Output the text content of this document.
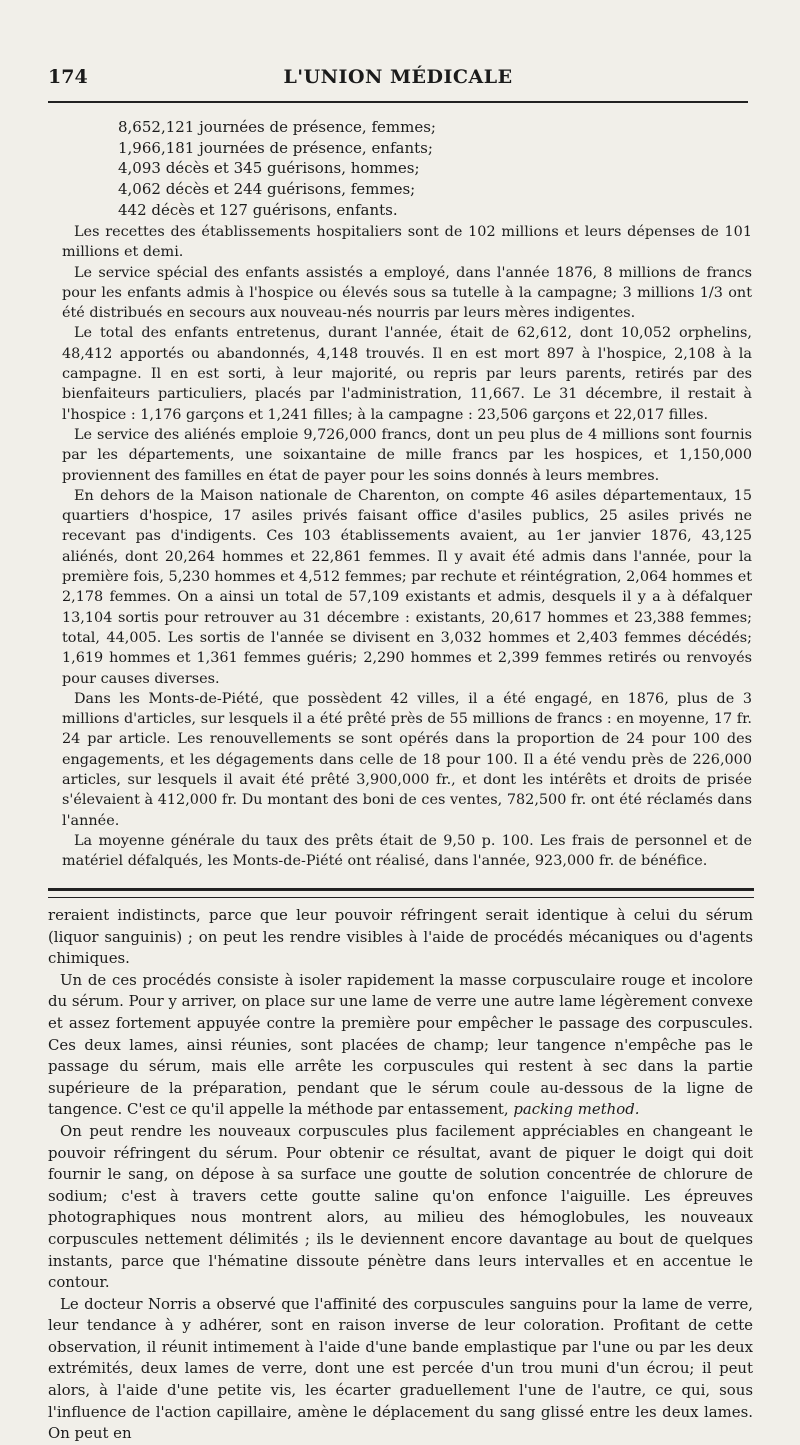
174	L'UNION MÉDICALE
8,652,121 journées de présence, femmes;
1,966,181 journées de présence, enfants;
4,093 décès et 345 guérisons, hommes;
4,062 décès et 244 guérisons, femmes;
442 décès et 127 guérisons, enfants.

Les recettes des établissements hospitaliers sont de 102 millions et leurs dépenses de 101 millions et demi.

Le service spécial des enfants assistés a employé, dans l'année 1876, 8 millions de francs pour les enfants admis à l'hospice ou élevés sous sa tutelle à la campagne; 3 millions 1/3 ont été distribués en secours aux nouveau-nés nourris par leurs mères indigentes.

Le total des enfants entretenus, durant l'année, était de 62,612, dont 10,052 orphelins, 48,412 apportés ou abandonnés, 4,148 trouvés. Il en est mort 897 à l'hospice, 2,108 à la campagne. Il en est sorti, à leur majorité, ou repris par leurs parents, retirés par des bienfaiteurs particuliers, placés par l'administration, 11,667. Le 31 décembre, il restait à l'hospice : 1,176 garçons et 1,241 filles; à la campagne : 23,506 garçons et 22,017 filles.

Le service des aliénés emploie 9,726,000 francs, dont un peu plus de 4 millions sont fournis par les départements, une soixantaine de mille francs par les hospices, et 1,150,000 proviennent des familles en état de payer pour les soins donnés à leurs membres.

En dehors de la Maison nationale de Charenton, on compte 46 asiles départementaux, 15 quartiers d'hospice, 17 asiles privés faisant office d'asiles publics, 25 asiles privés ne recevant pas d'indigents. Ces 103 établissements avaient, au 1er janvier 1876, 43,125 aliénés, dont 20,264 hommes et 22,861 femmes. Il y avait été admis dans l'année, pour la première fois, 5,230 hommes et 4,512 femmes; par rechute et réintégration, 2,064 hommes et 2,178 femmes. On a ainsi un total de 57,109 existants et admis, desquels il y a à défalquer 13,104 sortis pour retrouver au 31 décembre : existants, 20,617 hommes et 23,388 femmes; total, 44,005. Les sortis de l'année se divisent en 3,032 hommes et 2,403 femmes décédés; 1,619 hommes et 1,361 femmes guéris; 2,290 hommes et 2,399 femmes retirés ou renvoyés pour causes diverses.

Dans les Monts-de-Piété, que possèdent 42 villes, il a été engagé, en 1876, plus de 3 millions d'articles, sur lesquels il a été prêté près de 55 millions de francs : en moyenne, 17 fr. 24 par article. Les renouvellements se sont opérés dans la proportion de 24 pour 100 des engagements, et les dégagements dans celle de 18 pour 100. Il a été vendu près de 226,000 articles, sur lesquels il avait été prêté 3,900,000 fr., et dont les intérêts et droits de prisée s'élevaient à 412,000 fr. Du montant des boni de ces ventes, 782,500 fr. ont été réclamés dans l'année.

La moyenne générale du taux des prêts était de 9,50 p. 100. Les frais de personnel et de matériel défalqués, les Monts-de-Piété ont réalisé, dans l'année, 923,000 fr. de bénéfice.

reraient indistincts, parce que leur pouvoir réfringent serait identique à celui du sérum (liquor sanguinis) ; on peut les rendre visibles à l'aide de procédés mécaniques ou d'agents chimiques.

Un de ces procédés consiste à isoler rapidement la masse corpusculaire rouge et incolore du sérum. Pour y arriver, on place sur une lame de verre une autre lame légèrement convexe et assez fortement appuyée contre la première pour empêcher le passage des corpuscules. Ces deux lames, ainsi réunies, sont placées de champ; leur tangence n'empêche pas le passage du sérum, mais elle arrête les corpuscules qui restent à sec dans la partie supérieure de la préparation, pendant que le sérum coule au-dessous de la ligne de tangence. C'est ce qu'il appelle la méthode par entassement, packing method.

On peut rendre les nouveaux corpuscules plus facilement appréciables en changeant le pouvoir réfringent du sérum. Pour obtenir ce résultat, avant de piquer le doigt qui doit fournir le sang, on dépose à sa surface une goutte de solution concentrée de chlorure de sodium; c'est à travers cette goutte saline qu'on enfonce l'aiguille. Les épreuves photographiques nous montrent alors, au milieu des hémoglobules, les nouveaux corpuscules nettement délimités ; ils le deviennent encore davantage au bout de quelques instants, parce que l'hématine dissoute pénètre dans leurs intervalles et en accentue le contour.

Le docteur Norris a observé que l'affinité des corpuscules sanguins pour la lame de verre, leur tendance à y adhérer, sont en raison inverse de leur coloration. Profitant de cette observation, il réunit intimement à l'aide d'une bande emplastique par l'une ou par les deux extrémités, deux lames de verre, dont une est percée d'un trou muni d'un écrou; il peut alors, à l'aide d'une petite vis, les écarter graduellement l'une de l'autre, ce qui, sous l'influence de l'action capillaire, amène le déplacement du sang glissé entre les deux lames. On peut en
